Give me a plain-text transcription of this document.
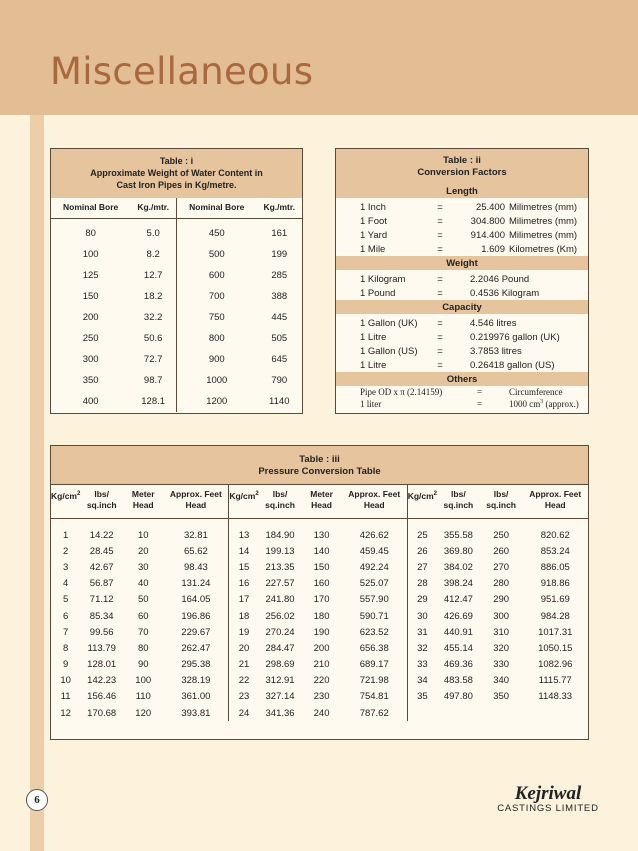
Miscellaneous
Table : i
Approximate Weight of Water Content in
Cast Iron Pipes in Kg/metre.			

Nominal Bore	Kg./mtr.	Nominal Bore	Kg./mtr.
80	5.0	450	161
100	8.2	500	199
125	12.7	600	285
150	18.2	700	388
200	32.2	750	445
250	50.6	800	505
300	72.7	900	645
350	98.7	1000	790
400	128.1	1200	1140
Table : ii
Conversion Factors			

Length			
1 Inch	=	25.400	Milimetres (mm)
1 Foot	=	304.800	Milimetres (mm)
1 Yard	=	914.400	Milimetres (mm)
1 Mile	=	1.609	Kilometres (Km)
Weight			
1 Kilogram	=	2.2046 Pound	
1 Pound	=	0.4536 Kilogram	
Capacity			
1 Gallon (UK)	=	4.546 litres	
1 Litre	=	0.219976 gallon (UK)	
1 Gallon (US)	=	3.7853 litres	
1 Litre	=	0.26418 gallon (US)	
Others			
Pipe OD x π (2.14159)		=	Circumference
1 liter		=	1000 $cm^3$ (approx.)
Table : iii
Pressure Conversion Table											

$Kg/cm^2$	lbs/ sq.inch	Meter Head	Approx. Feet Head	$Kg/cm^2$	lbs/ sq.inch	Meter Head	Approx. Feet Head	$Kg/cm^2$	lbs/ sq.inch	lbs/ sq.inch	Approx. Feet Head
1	14.22	10	32.81	13	184.90	130	426.62	25	355.58	250	820.62
2	28.45	20	65.62	14	199.13	140	459.45	26	369.80	260	853.24
3	42.67	30	98.43	15	213.35	150	492.24	27	384.02	270	886.05
4	56.87	40	131.24	16	227.57	160	525.07	28	398.24	280	918.86
5	71.12	50	164.05	17	241.80	170	557.90	29	412.47	290	951.69
6	85.34	60	196.86	18	256.02	180	590.71	30	426.69	300	984.28
7	99.56	70	229.67	19	270.24	190	623.52	31	440.91	310	1017.31
8	113.79	80	262.47	20	284.47	200	656.38	32	455.14	320	1050.15
9	128.01	90	295.38	21	298.69	210	689.17	33	469.36	330	1082.96
10	142.23	100	328.19	22	312.91	220	721.98	34	483.58	340	1115.77
11	156.46	110	361.00	23	327.14	230	754.81	35	497.80	350	1148.33
12	170.68	120	393.81	24	341.36	240	787.62				
6	Kejriwal
CASTINGS LIMITED
